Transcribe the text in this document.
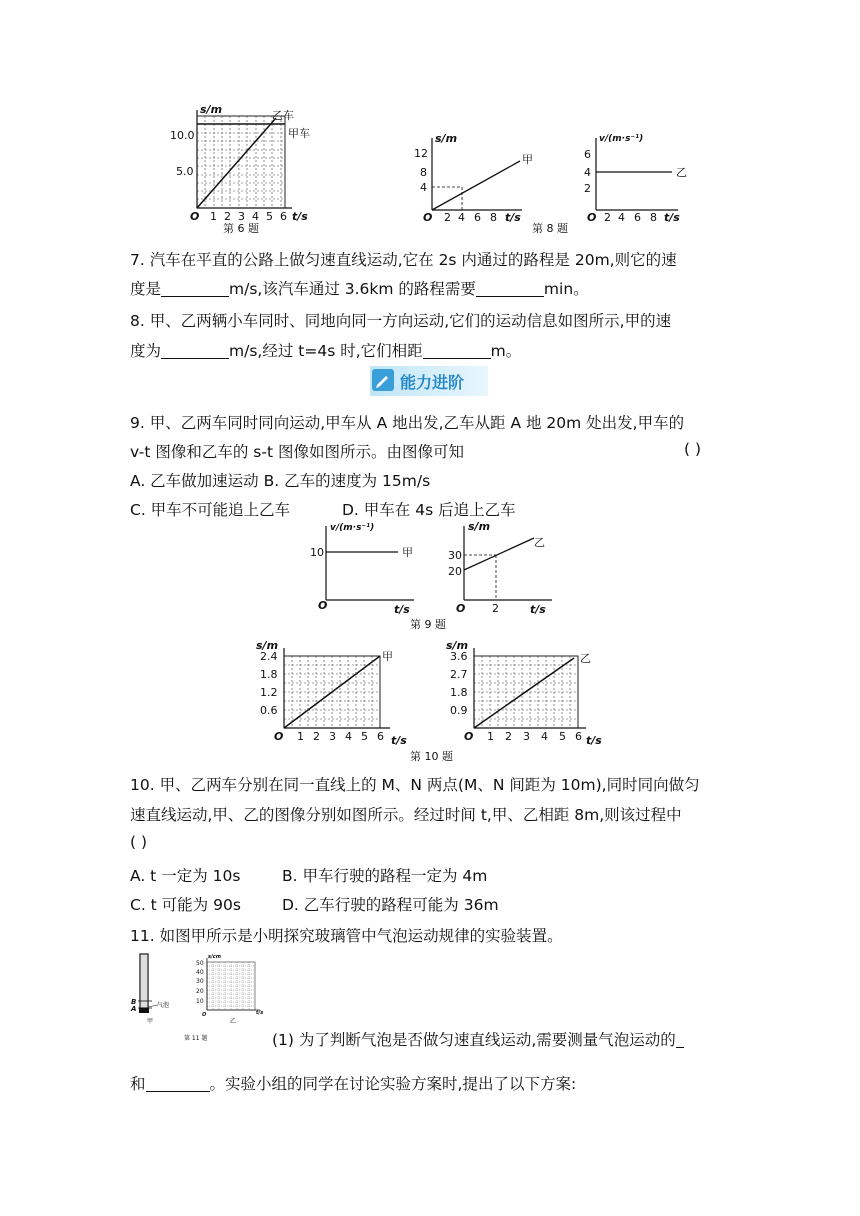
s/m	乙车
甲车
10.0
5.0
O 1 2 3 4 5 6 t/s
第 6 题
s/m
12
8
4
甲
O 2 4 6 8 t/s
第 8 题
v/(m·s⁻¹)
6
4
2
乙
O 2 4 6 8 t/s
7. 汽车在平直的公路上做匀速直线运动,它在 2s 内通过的路程是 20m,则它的速
度是	m/s,该汽车通过 3.6km 的路程需要	min。
8. 甲、乙两辆小车同时、同地向同一方向运动,它们的运动信息如图所示,甲的速
度为	m/s,经过 t=4s 时,它们相距	m。
能力进阶
9. 甲、乙两车同时同向运动,甲车从 A 地出发,乙车从距 A 地 20m 处出发,甲车的
v-t 图像和乙车的 s-t 图像如图所示。由图像可知	( )
A. 乙车做加速运动 B. 乙车的速度为 15m/s
C. 甲车不可能追上乙车	D. 甲车在 4s 后追上乙车
v/(m·s⁻¹)
10	甲
O	t/s
s/m
30
20
乙
O 2	t/s
第 9 题
s/m
2.4
1.8
1.2
0.6
甲
O 1 2 3 4 5 6 t/s
s/m
3.6
2.7
1.8
0.9
乙
O 1 2 3 4 5 6 t/s
第 10 题
10. 甲、乙两车分别在同一直线上的 M、N 两点(M、N 间距为 10m),同时同向做匀
速直线运动,甲、乙的图像分别如图所示。经过时间 t,甲、乙相距 8m,则该过程中
( )
A. t 一定为 10s	B. 甲车行驶的路程一定为 4m
C. t 可能为 90s	D. 乙车行驶的路程可能为 36m
11. 如图甲所示是小明探究玻璃管中气泡运动规律的实验装置。
B
A	气泡
甲
s/cm
50
40
30
20
10
O	t/s
乙
第 11 题	(1) 为了判断气泡是否做匀速直线运动,需要测量气泡运动的
和	。实验小组的同学在讨论实验方案时,提出了以下方案:
